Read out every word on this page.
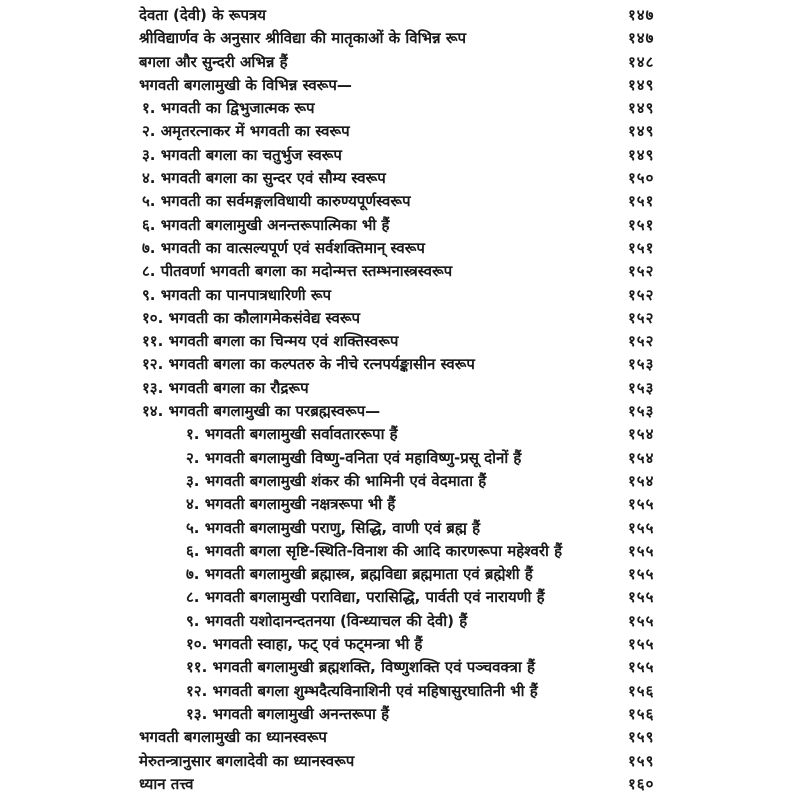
देवता (देवी) के रूपत्रय	१४७
श्रीविद्यार्णव के अनुसार श्रीविद्या की मातृकाओं के विभिन्न रूप	१४७
बगला और सुन्दरी अभिन्न हैं	१४८
भगवती बगलामुखी के विभिन्न स्वरूप—	१४९
१. भगवती का द्विभुजात्मक रूप	१४९
२. अमृतरत्नाकर में भगवती का स्वरूप	१४९
३. भगवती बगला का चतुर्भुज स्वरूप	१४९
४. भगवती बगला का सुन्दर एवं सौम्य स्वरूप	१५०
५. भगवती का सर्वमङ्गलविधायी कारुण्यपूर्णस्वरूप	१५१
६. भगवती बगलामुखी अनन्तरूपात्मिका भी हैं	१५१
७. भगवती का वात्सल्यपूर्ण एवं सर्वशक्तिमान् स्वरूप	१५१
८. पीतवर्णा भगवती बगला का मदोन्मत्त स्तम्भनास्त्रस्वरूप	१५२
९. भगवती का पानपात्रधारिणी रूप	१५२
१०. भगवती का कौलागमेकसंवेद्य स्वरूप	१५२
११. भगवती बगला का चिन्मय एवं शक्तिस्वरूप	१५२
१२. भगवती बगला का कल्पतरु के नीचे रत्नपर्यङ्कासीन स्वरूप	१५३
१३. भगवती बगला का रौद्ररूप	१५३
१४. भगवती बगलामुखी का परब्रह्मस्वरूप—	१५३
१. भगवती बगलामुखी सर्वावताररूपा हैं	१५४
२. भगवती बगलामुखी विष्णु-वनिता एवं महाविष्णु-प्रसू दोनों हैं	१५४
३. भगवती बगलामुखी शंकर की भामिनी एवं वेदमाता हैं	१५४
४. भगवती बगलामुखी नक्षत्ररूपा भी हैं	१५५
५. भगवती बगलामुखी पराणु, सिद्धि, वाणी एवं ब्रह्म हैं	१५५
६. भगवती बगला सृष्टि-स्थिति-विनाश की आदि कारणरूपा महेश्वरी हैं	१५५
७. भगवती बगलामुखी ब्रह्मास्त्र, ब्रह्मविद्या ब्रह्ममाता एवं ब्रह्मेशी हैं	१५५
८. भगवती बगलामुखी पराविद्या, परासिद्धि, पार्वती एवं नारायणी हैं	१५५
९. भगवती यशोदानन्दतनया (विन्ध्याचल की देवी) हैं	१५५
१०. भगवती स्वाहा, फट् एवं फट्मन्त्रा भी हैं	१५५
११. भगवती बगलामुखी ब्रह्मशक्ति, विष्णुशक्ति एवं पञ्चवक्त्रा हैं	१५५
१२. भगवती बगला शुम्भदैत्यविनाशिनी एवं महिषासुरघातिनी भी हैं	१५६
१३. भगवती बगलामुखी अनन्तरूपा हैं	१५६
भगवती बगलामुखी का ध्यानस्वरूप	१५९
मेरुतन्त्रानुसार बगलादेवी का ध्यानस्वरूप	१५९
ध्यान तत्त्व	१६०
